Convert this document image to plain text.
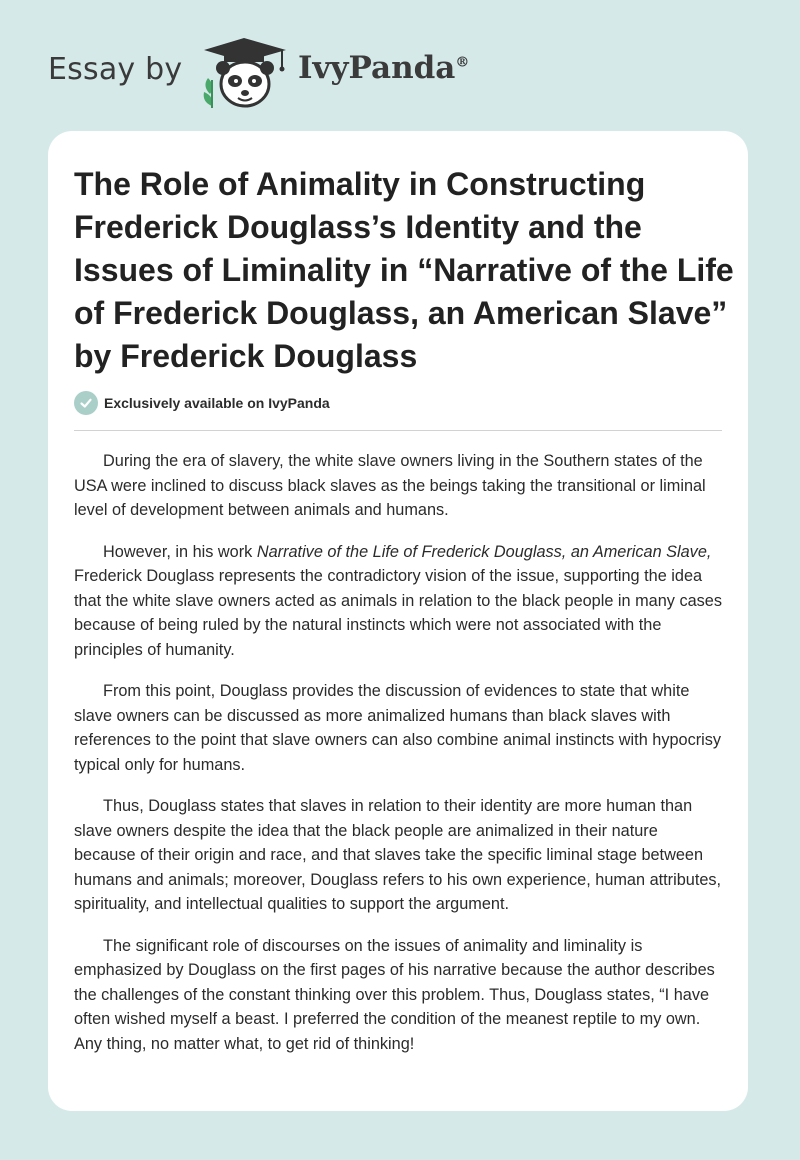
Essay by	IvyPanda®
The Role of Animality in Constructing Frederick Douglass’s Identity and the Issues of Liminality in “Narrative of the Life of Frederick Douglass, an American Slave” by Frederick Douglass
Exclusively available on IvyPanda

During the era of slavery, the white slave owners living in the Southern states of the USA were inclined to discuss black slaves as the beings taking the transitional or liminal level of development between animals and humans.

However, in his work Narrative of the Life of Frederick Douglass, an American Slave, Frederick Douglass represents the contradictory vision of the issue, supporting the idea that the white slave owners acted as animals in relation to the black people in many cases because of being ruled by the natural instincts which were not associated with the principles of humanity.

From this point, Douglass provides the discussion of evidences to state that white slave owners can be discussed as more animalized humans than black slaves with references to the point that slave owners can also combine animal instincts with hypocrisy typical only for humans.

Thus, Douglass states that slaves in relation to their identity are more human than slave owners despite the idea that the black people are animalized in their nature because of their origin and race, and that slaves take the specific liminal stage between humans and animals; moreover, Douglass refers to his own experience, human attributes, spirituality, and intellectual qualities to support the argument.

The significant role of discourses on the issues of animality and liminality is emphasized by Douglass on the first pages of his narrative because the author describes the challenges of the constant thinking over this problem. Thus, Douglass states, “I have often wished myself a beast. I preferred the condition of the meanest reptile to my own. Any thing, no matter what, to get rid of thinking!
